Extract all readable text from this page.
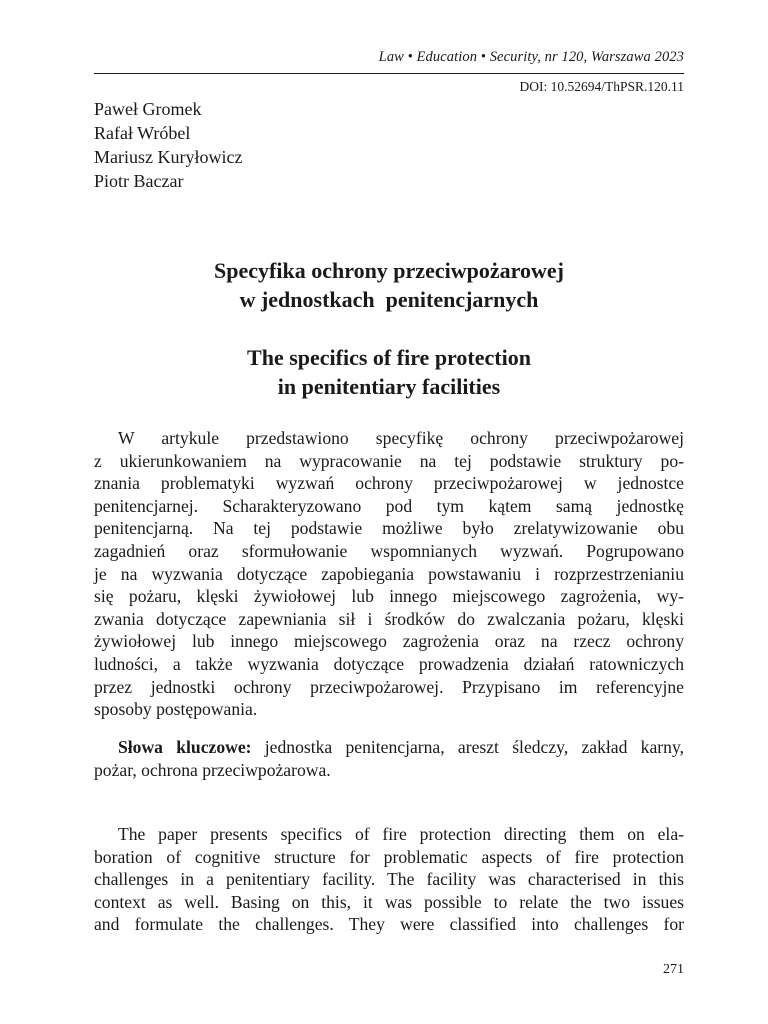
Law • Education • Security, nr 120, Warszawa 2023
DOI: 10.52694/ThPSR.120.11
Paweł Gromek
Rafał Wróbel
Mariusz Kuryłowicz
Piotr Baczar
Specyfika ochrony przeciwpożarowej
w jednostkach  penitencjarnych
The specifics of fire protection
in penitentiary facilities
W artykule przedstawiono specyfikę ochrony przeciwpożarowej
z ukierunkowaniem na wypracowanie na tej podstawie struktury po-
znania problematyki wyzwań ochrony przeciwpożarowej w jednostce
penitencjarnej. Scharakteryzowano pod tym kątem samą jednostkę
penitencjarną. Na tej podstawie możliwe było zrelatywizowanie obu
zagadnień oraz sformułowanie wspomnianych wyzwań. Pogrupowano
je na wyzwania dotyczące zapobiegania powstawaniu i rozprzestrzenianiu
się pożaru, klęski żywiołowej lub innego miejscowego zagrożenia, wy-
zwania dotyczące zapewniania sił i środków do zwalczania pożaru, klęski
żywiołowej lub innego miejscowego zagrożenia oraz na rzecz ochrony
ludności, a także wyzwania dotyczące prowadzenia działań ratowniczych
przez jednostki ochrony przeciwpożarowej. Przypisano im referencyjne
sposoby postępowania.
Słowa kluczowe: jednostka penitencjarna, areszt śledczy, zakład karny,
pożar, ochrona przeciwpożarowa.
The paper presents specifics of fire protection directing them on ela-
boration of cognitive structure for problematic aspects of fire protection
challenges in a penitentiary facility. The facility was characterised in this
context as well. Basing on this, it was possible to relate the two issues
and formulate the challenges. They were classified into challenges for
271
